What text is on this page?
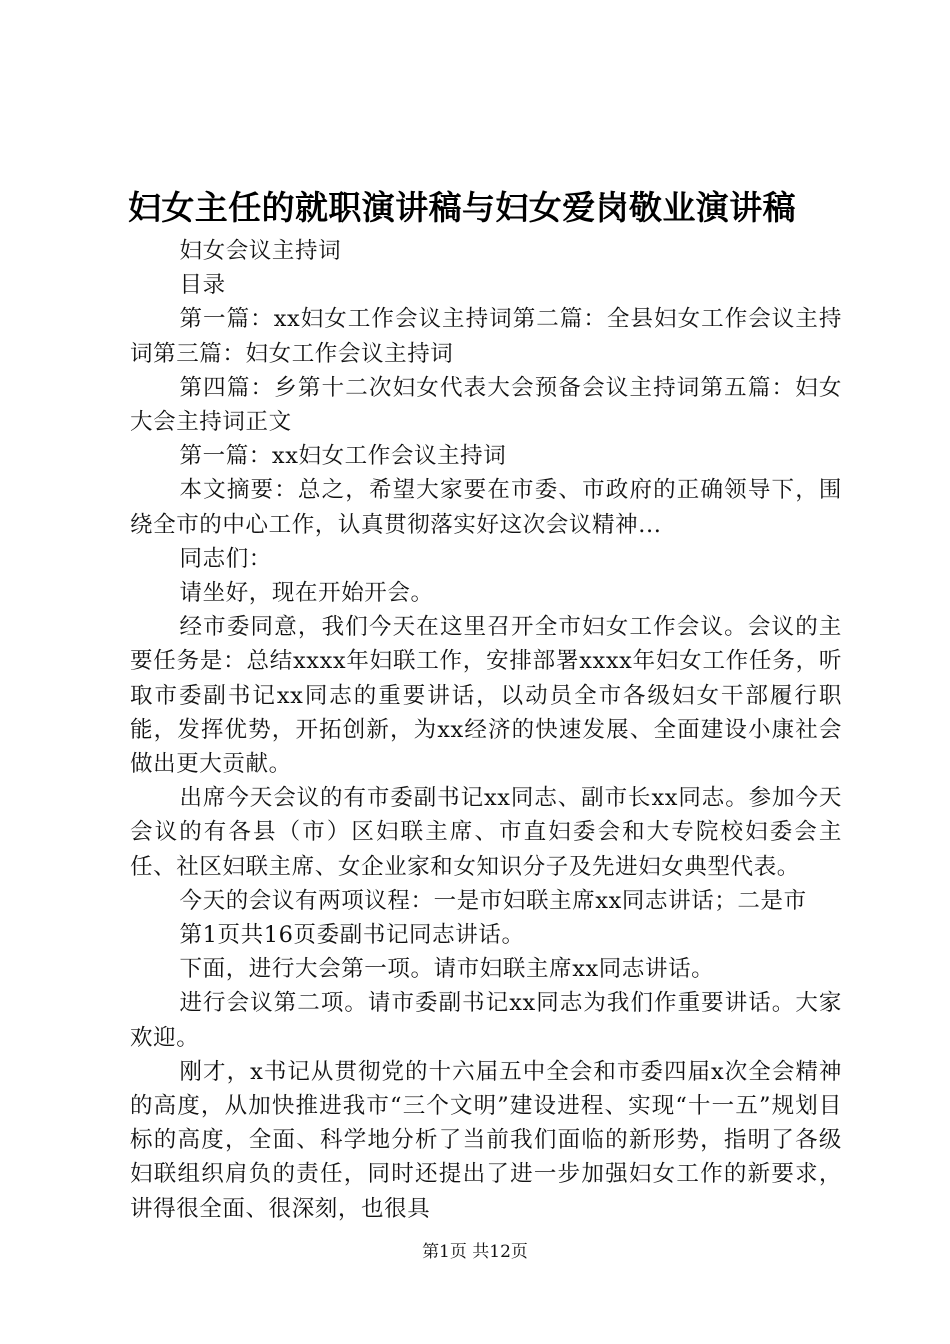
妇女主任的就职演讲稿与妇女爱岗敬业演讲稿

妇女会议主持词

目录

第一篇：xx妇女工作会议主持词第二篇：全县妇女工作会议主持词第三篇：妇女工作会议主持词

第四篇：乡第十二次妇女代表大会预备会议主持词第五篇：妇女大会主持词正文

第一篇：xx妇女工作会议主持词

本文摘要：总之，希望大家要在市委、市政府的正确领导下，围绕全市的中心工作，认真贯彻落实好这次会议精神...

同志们：

请坐好，现在开始开会。

经市委同意，我们今天在这里召开全市妇女工作会议。会议的主要任务是：总结xxxx年妇联工作，安排部署xxxx年妇女工作任务，听取市委副书记xx同志的重要讲话，以动员全市各级妇女干部履行职能，发挥优势，开拓创新，为xx经济的快速发展、全面建设小康社会做出更大贡献。

出席今天会议的有市委副书记xx同志、副市长xx同志。参加今天会议的有各县（市）区妇联主席、市直妇委会和大专院校妇委会主任、社区妇联主席、女企业家和女知识分子及先进妇女典型代表。

今天的会议有两项议程：一是市妇联主席xx同志讲话；二是市

第1页共16页委副书记同志讲话。

下面，进行大会第一项。请市妇联主席xx同志讲话。

进行会议第二项。请市委副书记xx同志为我们作重要讲话。大家欢迎。

刚才，x书记从贯彻党的十六届五中全会和市委四届x次全会精神的高度，从加快推进我市“三个文明”建设进程、实现“十一五”规划目标的高度，全面、科学地分析了当前我们面临的新形势，指明了各级妇联组织肩负的责任，同时还提出了进一步加强妇女工作的新要求，讲得很全面、很深刻，也很具

第1页 共12页
